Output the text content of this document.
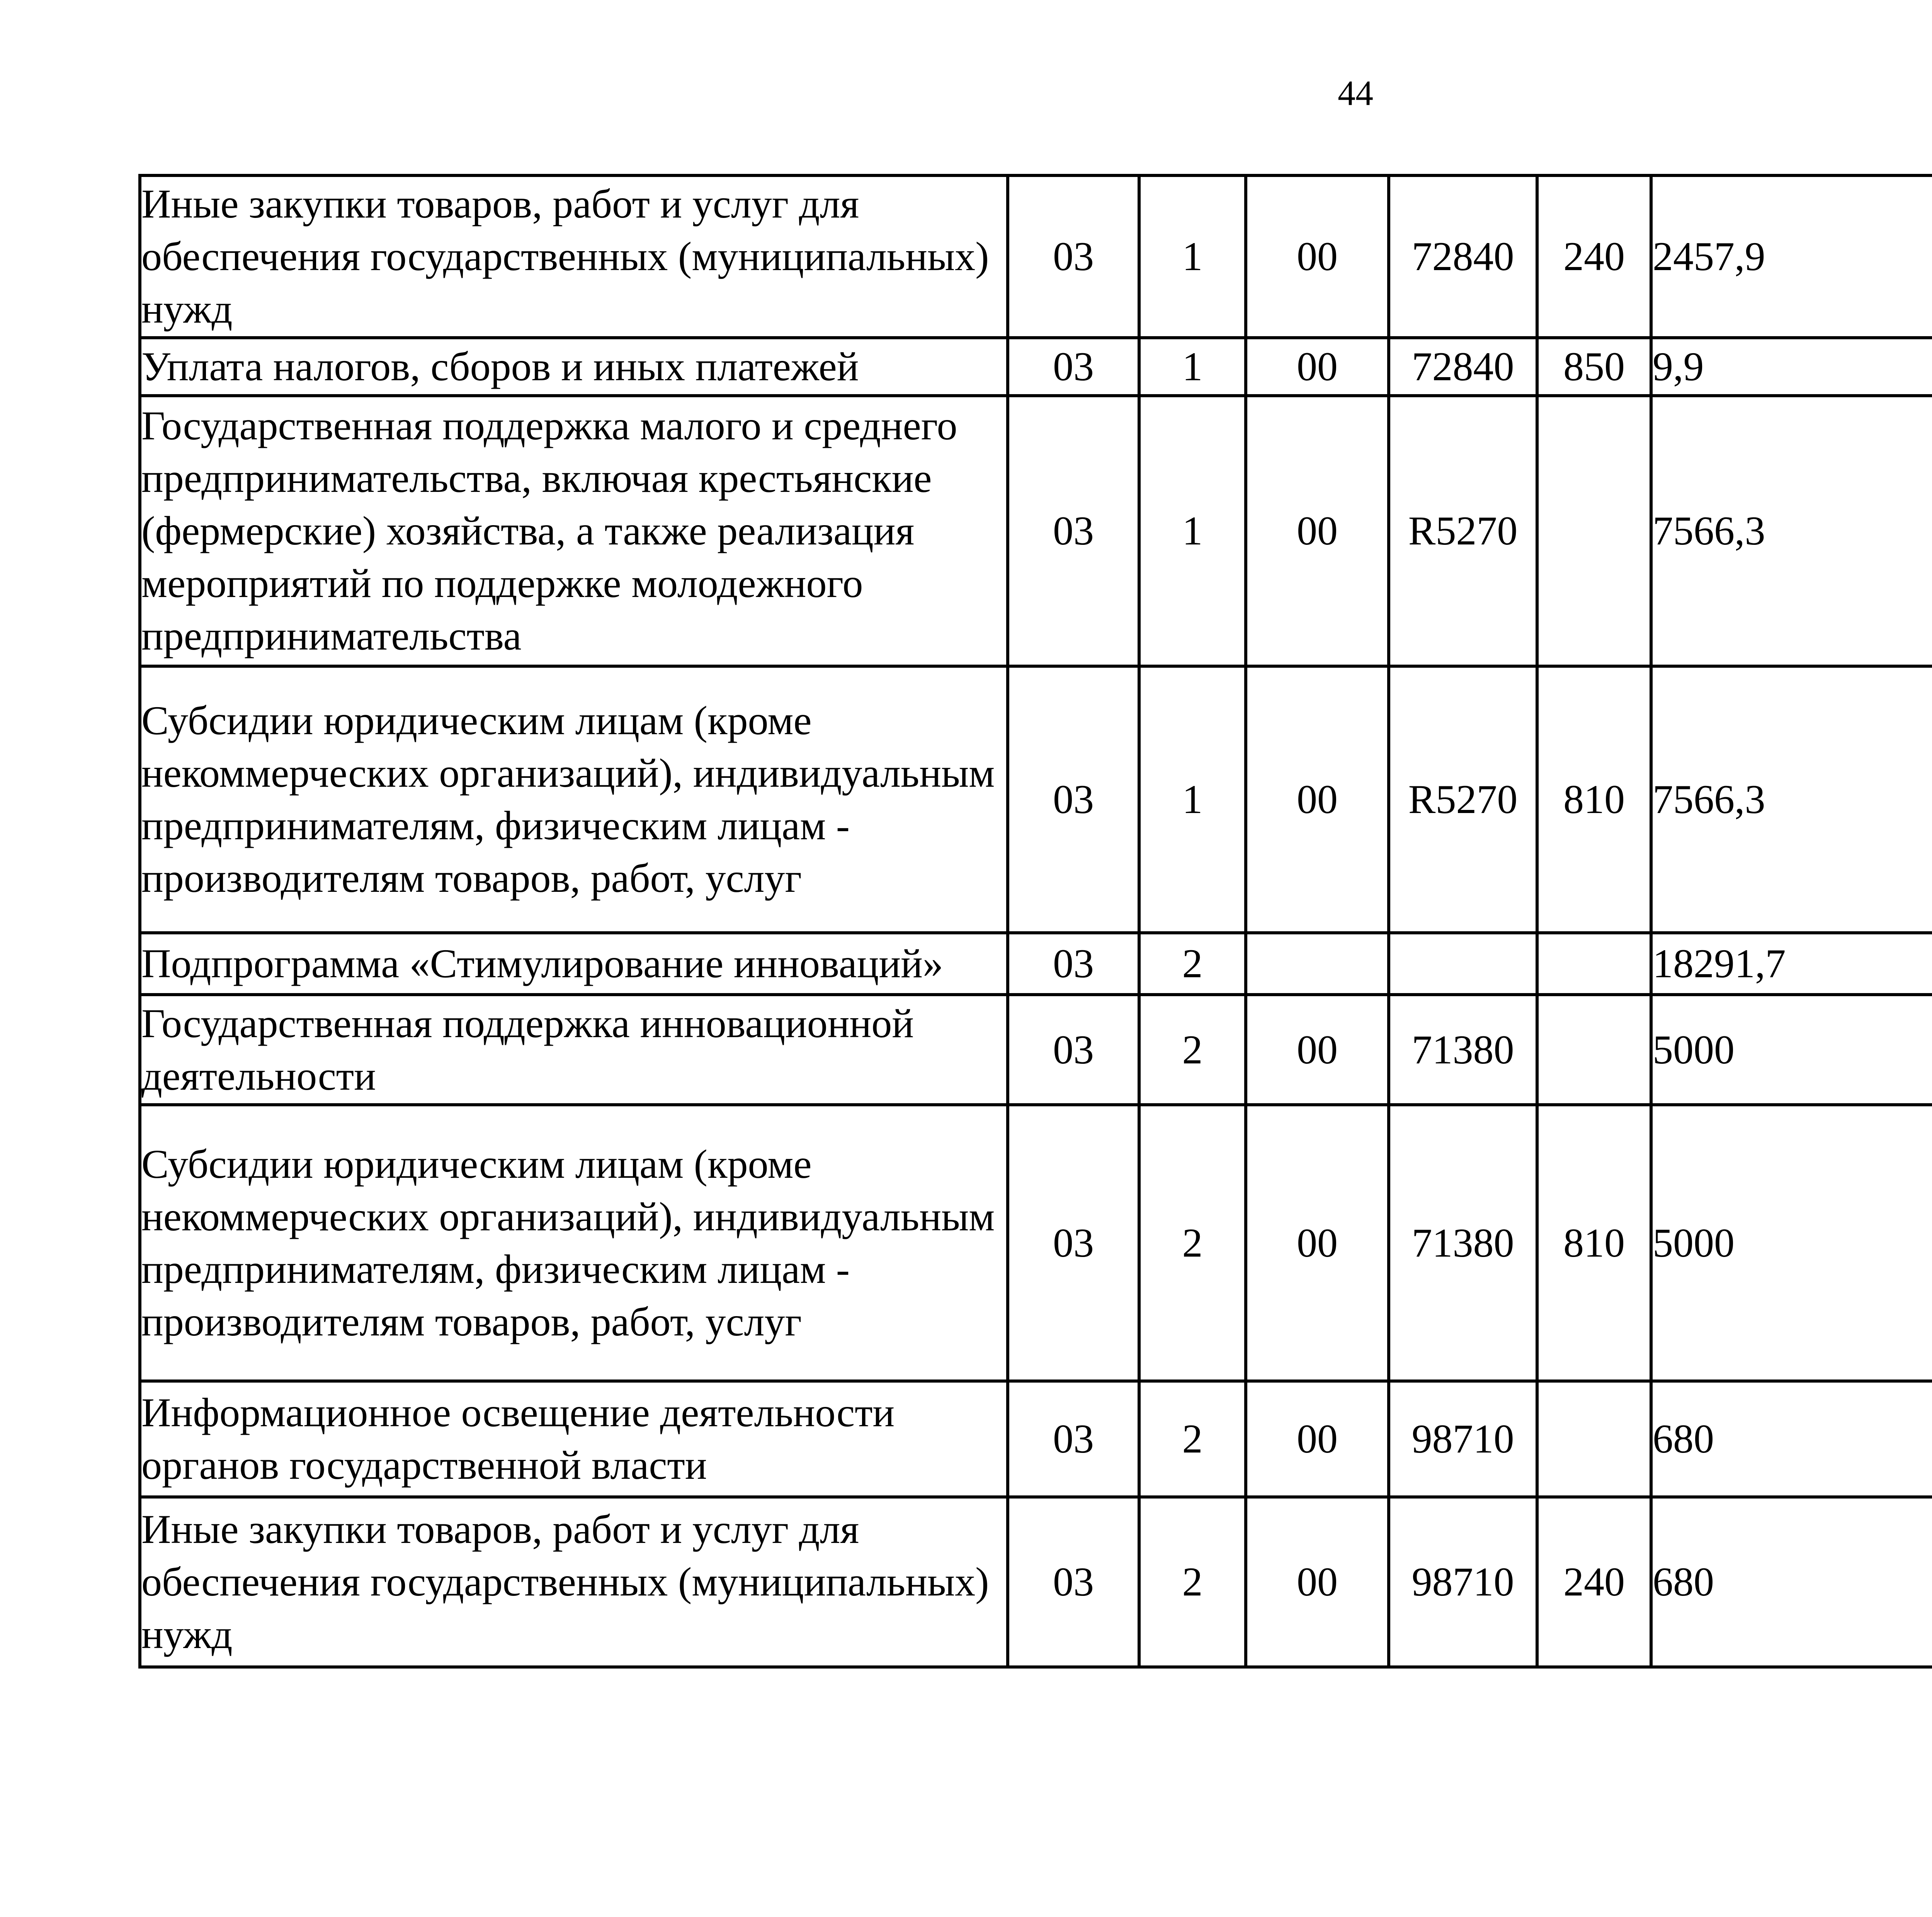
44
Иные закупки товаров, работ и услуг для обеспечения государственных (муниципальных) нужд	03	1	00	72840	240	2457,9		
Уплата налогов, сборов и иных платежей	03	1	00	72840	850	9,9		
Государственная поддержка малого и среднего предпринимательства, включая крестьянские (фермерские) хозяйства, а также реализация мероприятий по поддержке молодежного предпринимательства	03	1	00	R5270		7566,3		
Субсидии юридическим лицам (кроме некоммерческих организаций), индивидуальным предпринимателям, физическим лицам - производителям товаров, работ, услуг	03	1	00	R5270	810	7566,3		
Подпрограмма «Стимулирование инноваций»	03	2				18291,7		
Государственная поддержка инновационной деятельности	03	2	00	71380		5000		
Субсидии юридическим лицам (кроме некоммерческих организаций), индивидуальным предпринимателям, физическим лицам - производителям товаров, работ, услуг	03	2	00	71380	810	5000		
Информационное освещение деятельности органов государственной власти	03	2	00	98710		680		
Иные закупки товаров, работ и услуг для обеспечения государственных (муниципальных) нужд	03	2	00	98710	240	680		
